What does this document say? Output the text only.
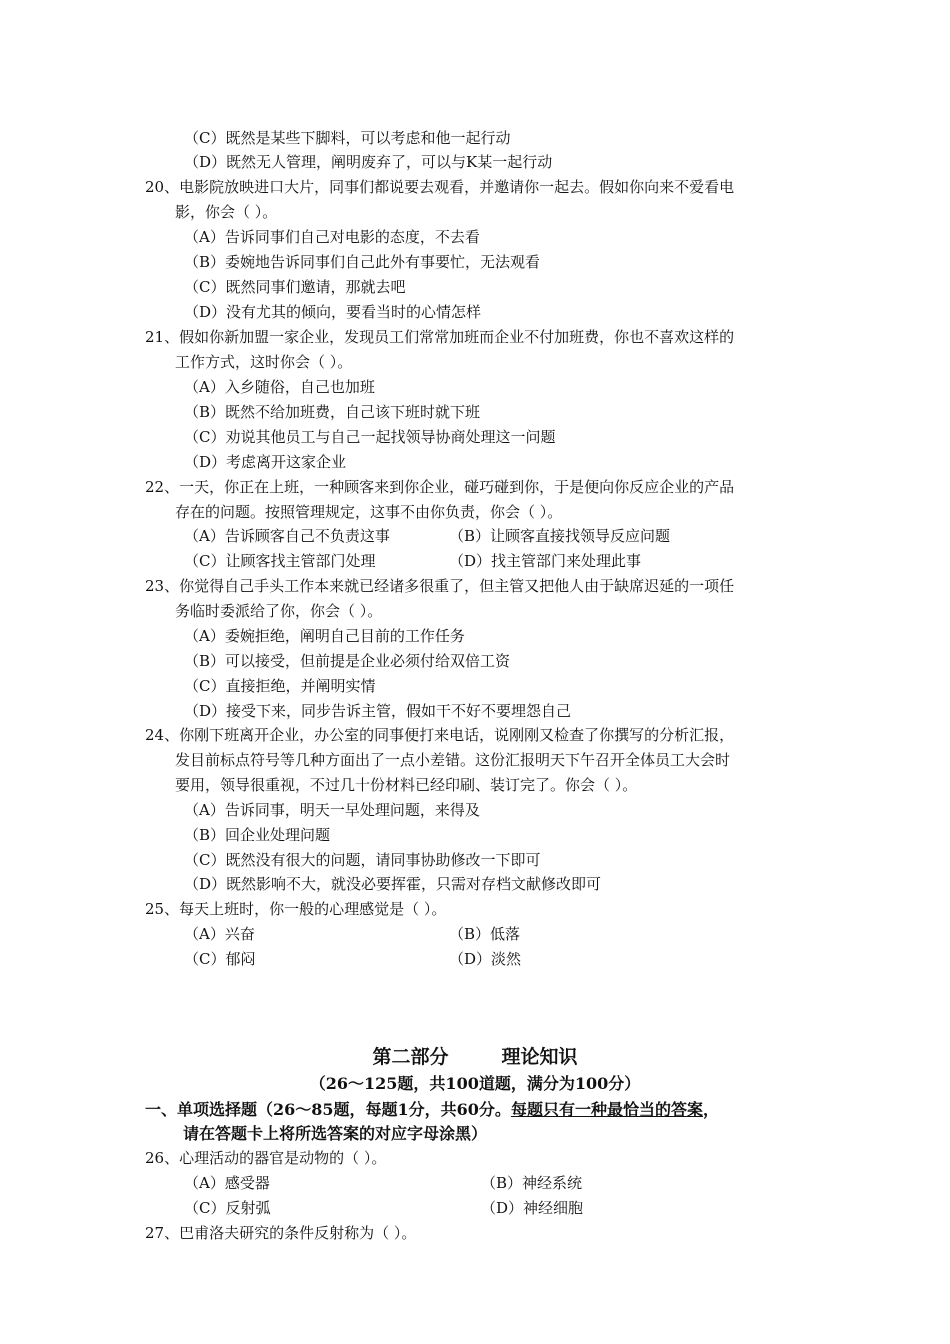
（C）既然是某些下脚料，可以考虑和他一起行动
（D）既然无人管理，阐明废弃了，可以与K某一起行动
20、电影院放映进口大片，同事们都说要去观看，并邀请你一起去。假如你向来不爱看电
影，你会（ ）。
（A）告诉同事们自己对电影的态度，不去看
（B）委婉地告诉同事们自己此外有事要忙，无法观看
（C）既然同事们邀请，那就去吧
（D）没有尤其的倾向，要看当时的心情怎样
21、假如你新加盟一家企业，发现员工们常常加班而企业不付加班费，你也不喜欢这样的
工作方式，这时你会（ ）。
（A）入乡随俗，自己也加班
（B）既然不给加班费，自己该下班时就下班
（C）劝说其他员工与自己一起找领导协商处理这一问题
（D）考虑离开这家企业
22、一天，你正在上班，一种顾客来到你企业，碰巧碰到你，于是便向你反应企业的产品
存在的问题。按照管理规定，这事不由你负责，你会（ ）。
（A）告诉顾客自己不负责这事	（B）让顾客直接找领导反应问题
（C）让顾客找主管部门处理	（D）找主管部门来处理此事
23、你觉得自己手头工作本来就已经诸多很重了，但主管又把他人由于缺席迟延的一项任
务临时委派给了你，你会（ ）。
（A）委婉拒绝，阐明自己目前的工作任务
（B）可以接受，但前提是企业必须付给双倍工资
（C）直接拒绝，并阐明实情
（D）接受下来，同步告诉主管，假如干不好不要埋怨自己
24、你刚下班离开企业，办公室的同事便打来电话，说刚刚又检查了你撰写的分析汇报，
发目前标点符号等几种方面出了一点小差错。这份汇报明天下午召开全体员工大会时
要用，领导很重视，不过几十份材料已经印刷、装订完了。你会（ ）。
（A）告诉同事，明天一早处理问题，来得及
（B）回企业处理问题
（C）既然没有很大的问题，请同事协助修改一下即可
（D）既然影响不大，就没必要挥霍，只需对存档文献修改即可
25、每天上班时，你一般的心理感觉是（ ）。
（A）兴奋	（B）低落
（C）郁闷	（D）淡然
第二部分        理论知识
（26～125题，共100道题，满分为100分）
一、单项选择题（26～85题，每题1分，共60分。每题只有一种最恰当的答案，
请在答题卡上将所选答案的对应字母涂黑）
26、心理活动的器官是动物的（ ）。
（A）感受器	（B）神经系统
（C）反射弧	（D）神经细胞
27、巴甫洛夫研究的条件反射称为（ ）。
